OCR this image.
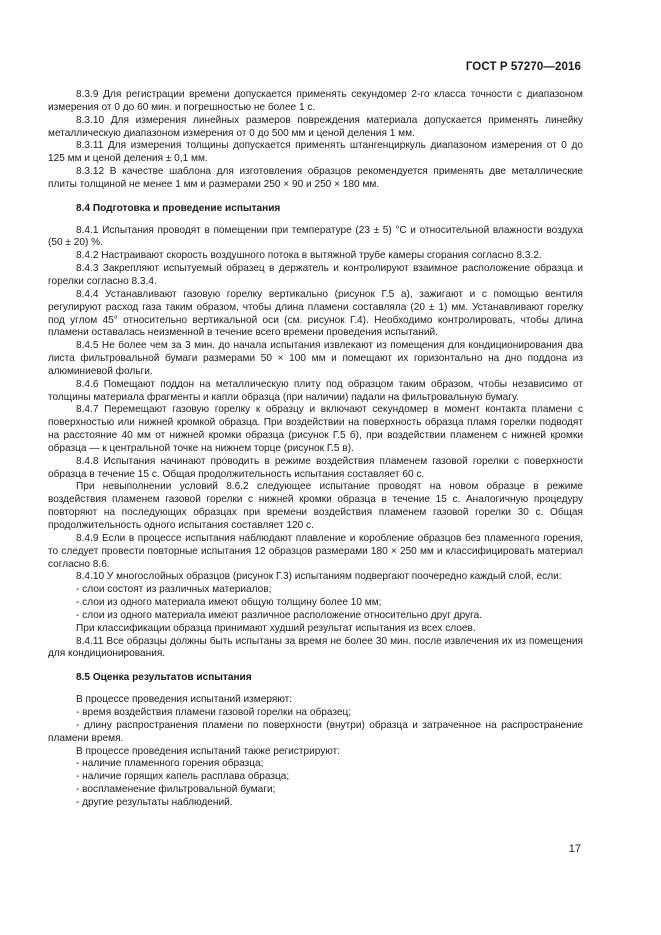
ГОСТ Р 57270—2016

8.3.9 Для регистрации времени допускается применять секундомер 2-го класса точности с диапазоном измерения от 0 до 60 мин. и погрешностью не более 1 с.

8.3.10 Для измерения линейных размеров повреждения материала допускается применять линейку металлическую диапазоном измерения от 0 до 500 мм и ценой деления 1 мм.

8.3.11 Для измерения толщины допускается применять штангенциркуль диапазоном измерения от 0 до 125 мм и ценой деления ± 0,1 мм.

8.3.12 В качестве шаблона для изготовления образцов рекомендуется применять две металлические плиты толщиной не менее 1 мм и размерами 250 × 90 и 250 × 180 мм.

8.4 Подготовка и проведение испытания

8.4.1 Испытания проводят в помещении при температуре (23 ± 5) °С и относительной влажности воздуха (50 ± 20) %.

8.4.2 Настраивают скорость воздушного потока в вытяжной трубе камеры сгорания согласно 8.3.2.

8.4.3 Закрепляют испытуемый образец в держатель и контролируют взаимное расположение образца и горелки согласно 8.3.4.

8.4.4 Устанавливают газовую горелку вертикально (рисунок Г.5 а), зажигают и с помощью вентиля регулируют расход газа таким образом, чтобы длина пламени составляла (20 ± 1) мм. Устанавливают горелку под углом 45° относительно вертикальной оси (см. рисунок Г.4). Необходимо контролировать, чтобы длина пламени оставалась неизменной в течение всего времени проведения испытаний.

8.4.5 Не более чем за 3 мин. до начала испытания извлекают из помещения для кондиционирования два листа фильтровальной бумаги размерами 50 × 100 мм и помещают их горизонтально на дно поддона из алюминиевой фольги.

8.4.6 Помещают поддон на металлическую плиту под образцом таким образом, чтобы независимо от толщины материала фрагменты и капли образца (при наличии) падали на фильтровальную бумагу.

8.4.7 Перемещают газовую горелку к образцу и включают секундомер в момент контакта пламени с поверхностью или нижней кромкой образца. При воздействии на поверхность образца пламя горелки подводят на расстояние 40 мм от нижней кромки образца (рисунок Г.5 б), при воздействии пламенем с нижней кромки образца — к центральной точке на нижнем торце (рисунок Г.5 в).

8.4.8 Испытания начинают проводить в режиме воздействия пламенем газовой горелки с поверхности образца в течение 15 с. Общая продолжительность испытания составляет 60 с.

При невыполнении условий 8.6.2 следующее испытание проводят на новом образце в режиме воздействия пламенем газовой горелки с нижней кромки образца в течение 15 с. Аналогичную процедуру повторяют на последующих образцах при времени воздействия пламенем газовой горелки 30 с. Общая продолжительность одного испытания составляет 120 с.

8.4.9 Если в процессе испытания наблюдают плавление и коробление образцов без пламенного горения, то следует провести повторные испытания 12 образцов размерами 180 × 250 мм и классифицировать материал согласно 8.6.

8.4.10 У многослойных образцов (рисунок Г.3) испытаниям подвергают поочередно каждый слой, если:

- слои состоят из различных материалов;

- слои из одного материала имеют общую толщину более 10 мм;

- слои из одного материала имеют различное расположение относительно друг друга.

При классификации образца принимают худший результат испытания из всех слоев.

8.4.11 Все образцы должны быть испытаны за время не более 30 мин. после извлечения их из помещения для кондиционирования.

8.5 Оценка результатов испытания

В процессе проведения испытаний измеряют:

- время воздействия пламени газовой горелки на образец;

- длину распространения пламени по поверхности (внутри) образца и затраченное на распространение пламени время.

В процессе проведения испытаний также регистрируют:

- наличие пламенного горения образца;

- наличие горящих капель расплава образца;

- воспламенение фильтровальной бумаги;

- другие результаты наблюдений.

17
